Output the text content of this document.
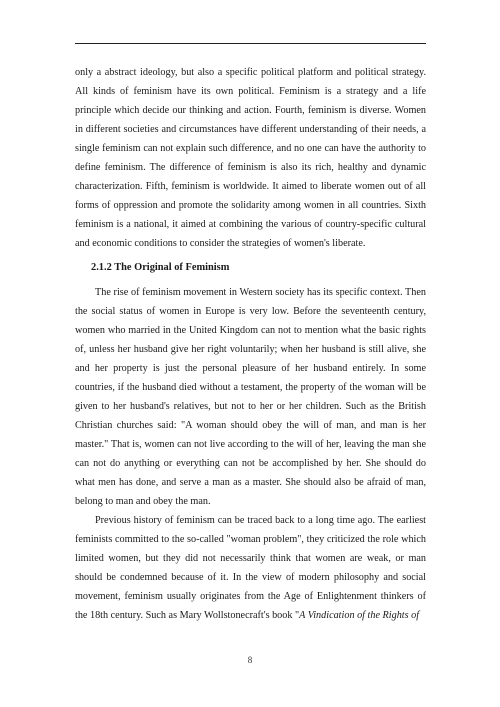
only a abstract ideology, but also a specific political platform and political strategy. All kinds of feminism have its own political. Feminism is a strategy and a life principle which decide our thinking and action. Fourth, feminism is diverse. Women in different societies and circumstances have different understanding of their needs, a single feminism can not explain such difference, and no one can have the authority to define feminism. The difference of feminism is also its rich, healthy and dynamic characterization. Fifth, feminism is worldwide. It aimed to liberate women out of all forms of oppression and promote the solidarity among women in all countries. Sixth feminism is a national, it aimed at combining the various of country-specific cultural and economic conditions to consider the strategies of women's liberate.

2.1.2 The Original of Feminism

The rise of feminism movement in Western society has its specific context. Then the social status of women in Europe is very low. Before the seventeenth century, women who married in the United Kingdom can not to mention what the basic rights of, unless her husband give her right voluntarily; when her husband is still alive, she and her property is just the personal pleasure of her husband entirely. In some countries, if the husband died without a testament, the property of the woman will be given to her husband's relatives, but not to her or her children. Such as the British Christian churches said: "A woman should obey the will of man, and man is her master." That is, women can not live according to the will of her, leaving the man she can not do anything or everything can not be accomplished by her. She should do what men has done, and serve a man as a master. She should also be afraid of man, belong to man and obey the man.

Previous history of feminism can be traced back to a long time ago. The earliest feminists committed to the so-called "woman problem", they criticized the role which limited women, but they did not necessarily think that women are weak, or man should be condemned because of it. In the view of modern philosophy and social movement, feminism usually originates from the Age of Enlightenment thinkers of the 18th century. Such as Mary Wollstonecraft's book "A Vindication of the Rights of

8
